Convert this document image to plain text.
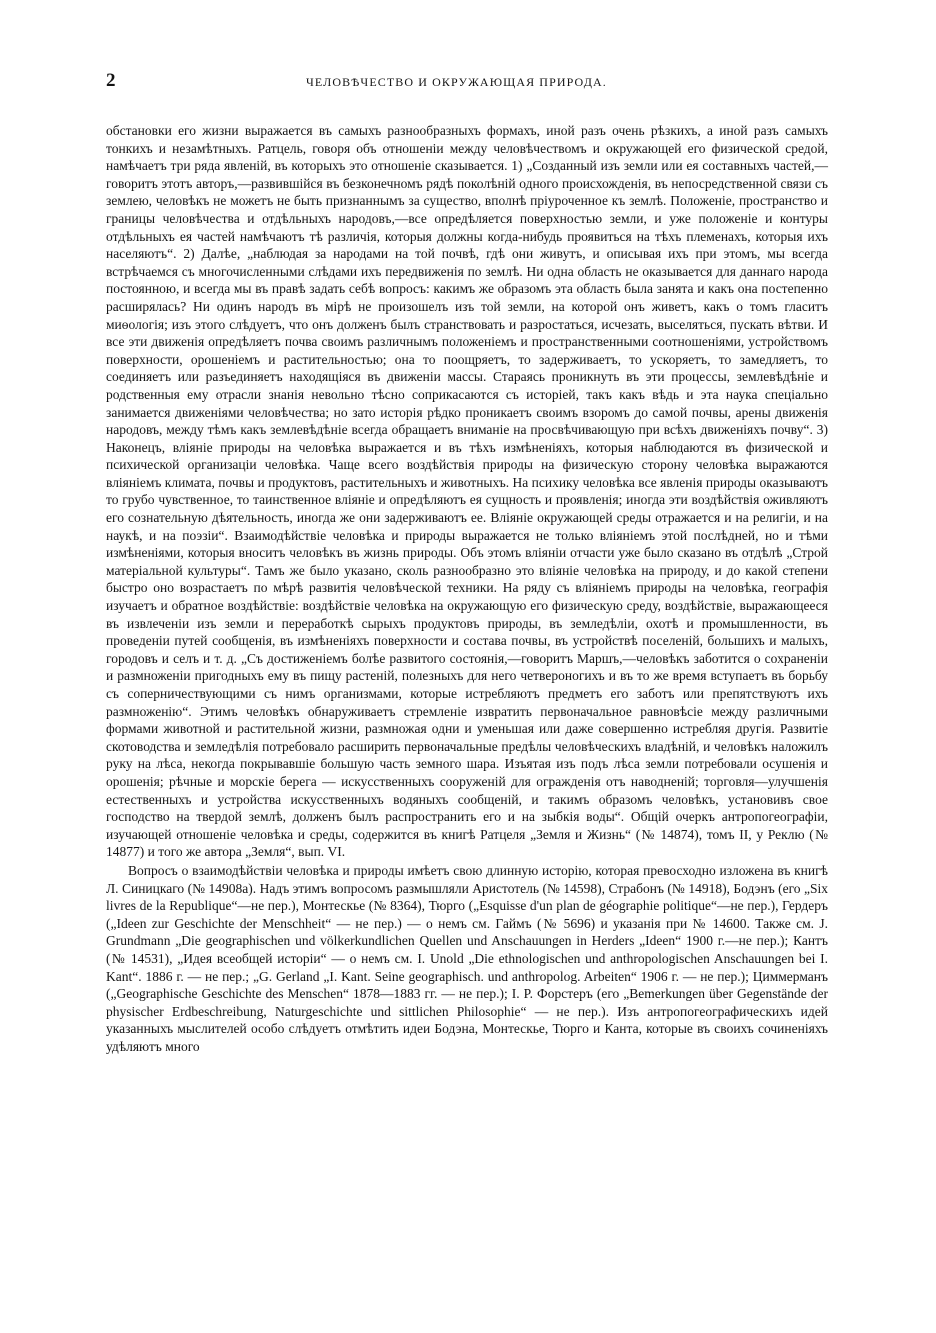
2	ЧЕЛОВѢЧЕСТВО И ОКРУЖАЮЩАЯ ПРИРОДА.

обстановки его жизни выражается въ самыхъ разнообразныхъ формахъ, иной разъ очень рѣзкихъ, а иной разъ самыхъ тонкихъ и незамѣтныхъ. Ратцель, говоря объ отношеніи между человѣчествомъ и окружающей его физической средой, намѣчаетъ три ряда явленій, въ которыхъ это отношеніе сказывается. 1) „Созданный изъ земли или ея составныхъ частей,—говоритъ этотъ авторъ,—развившійся въ безконечномъ рядѣ поколѣній одного происхожденія, въ непосредственной связи съ землею, человѣкъ не можетъ не быть признаннымъ за существо, вполнѣ пріуроченное къ землѣ. Положеніе, пространство и границы человѣчества и отдѣльныхъ народовъ,—все опредѣляется поверхностью земли, и уже положеніе и контуры отдѣльныхъ ея частей намѣчаютъ тѣ различія, которыя должны когда-нибудь проявиться на тѣхъ племенахъ, которыя ихъ населяютъ“. 2) Далѣе, „наблюдая за народами на той почвѣ, гдѣ они живутъ, и описывая ихъ при этомъ, мы всегда встрѣчаемся съ многочисленными слѣдами ихъ передвиженія по землѣ. Ни одна область не оказывается для даннаго народа постоянною, и всегда мы въ правѣ задать себѣ вопросъ: какимъ же образомъ эта область была занята и какъ она постепенно расширялась? Ни одинъ народъ въ мірѣ не произошелъ изъ той земли, на которой онъ живетъ, какъ о томъ гласитъ миѳологія; изъ этого слѣдуетъ, что онъ долженъ былъ странствовать и разростаться, исчезать, выселяться, пускать вѣтви. И все эти движенія опредѣляетъ почва своимъ различнымъ положеніемъ и пространственными соотношеніями, устройствомъ поверхности, орошеніемъ и растительностью; она то поощряетъ, то задерживаетъ, то ускоряетъ, то замедляетъ, то соединяетъ или разъединяетъ находящіяся въ движеніи массы. Стараясь проникнуть въ эти процессы, землевѣдѣніе и родственныя ему отрасли знанія невольно тѣсно соприкасаются съ исторіей, такъ какъ вѣдь и эта наука спеціально занимается движеніями человѣчества; но зато исторія рѣдко проникаетъ своимъ взоромъ до самой почвы, арены движенія народовъ, между тѣмъ какъ землевѣдѣніе всегда обращаетъ вниманіе на просвѣчивающую при всѣхъ движеніяхъ почву“. 3) Наконецъ, вліяніе природы на человѣка выражается и въ тѣхъ измѣненіяхъ, которыя наблюдаются въ физической и психической организаціи человѣка. Чаще всего воздѣйствія природы на физическую сторону человѣка выражаются вліяніемъ климата, почвы и продуктовъ, растительныхъ и животныхъ. На психику человѣка все явленія природы оказываютъ то грубо чувственное, то таинственное вліяніе и опредѣляютъ ея сущность и проявленія; иногда эти воздѣйствія оживляютъ его сознательную дѣятельность, иногда же они задерживаютъ ее. Вліяніе окружающей среды отражается и на религіи, и на наукѣ, и на поэзіи“. Взаимодѣйствіе человѣка и природы выражается не только вліяніемъ этой послѣдней, но и тѣми измѣненіями, которыя вноситъ человѣкъ въ жизнь природы. Объ этомъ вліяніи отчасти уже было сказано въ отдѣлѣ „Строй матеріальной культуры“. Тамъ же было указано, сколь разнообразно это вліяніе человѣка на природу, и до какой степени быстро оно возрастаетъ по мѣрѣ развитія человѣческой техники. На ряду съ вліяніемъ природы на человѣка, географія изучаетъ и обратное воздѣйствіе: воздѣйствіе человѣка на окружающую его физическую среду, воздѣйствіе, выражающееся въ извлеченіи изъ земли и переработкѣ сырыхъ продуктовъ природы, въ земледѣліи, охотѣ и промышленности, въ проведеніи путей сообщенія, въ измѣненіяхъ поверхности и состава почвы, въ устройствѣ поселеній, большихъ и малыхъ, городовъ и селъ и т. д. „Съ достиженіемъ болѣе развитого состоянія,—говоритъ Маршъ,—человѣкъ заботится о сохраненіи и размноженіи пригодныхъ ему въ пищу растеній, полезныхъ для него четвероногихъ и въ то же время вступаетъ въ борьбу съ соперничествующими съ нимъ организмами, которые истребляютъ предметъ его заботъ или препятствуютъ ихъ размноженію“. Этимъ человѣкъ обнаруживаетъ стремленіе извратить первоначальное равновѣсіе между различными формами животной и растительной жизни, размножая одни и уменьшая или даже совершенно истребляя другія. Развитіе скотоводства и земледѣлія потребовало расширить первоначальные предѣлы человѣческихъ владѣній, и человѣкъ наложилъ руку на лѣса, некогда покрывавшіе большую часть земного шара. Изъятая изъ подъ лѣса земли потребовали осушенія и орошенія; рѣчные и морскіе берега — искусственныхъ сооруженій для огражденія отъ наводненій; торговля—улучшенія естественныхъ и устройства искусственныхъ водяныхъ сообщеній, и такимъ образомъ человѣкъ, установивъ свое господство на твердой землѣ, долженъ былъ распространить его и на зыбкія воды“. Общій очеркъ антропогеографіи, изучающей отношеніе человѣка и среды, содержится въ книгѣ Ратцеля „Земля и Жизнь“ (№ 14874), томъ II, у Реклю (№ 14877) и того же автора „Земля“, вып. VI.

Вопросъ о взаимодѣйствіи человѣка и природы имѣетъ свою длинную исторію, которая превосходно изложена въ книгѣ Л. Синицкаго (№ 14908а). Надъ этимъ вопросомъ размышляли Аристотель (№ 14598), Страбонъ (№ 14918), Бодэнъ (его „Six livres de la Republique“—не пер.), Монтескье (№ 8364), Тюрго („Esquisse d'un plan de géographie politique“—не пер.), Гердеръ („Ideen zur Geschichte der Menschheit“ — не пер.) — о немъ см. Гаймъ (№ 5696) и указанія при № 14600. Также см. J. Grundmann „Die geographischen und völkerkundlichen Quellen und Anschauungen in Herders „Ideen“ 1900 г.—не пер.); Кантъ (№ 14531), „Идея всеобщей исторіи“ — о немъ см. I. Unold „Die ethnologischen und anthropologischen Anschauungen bei I. Kant“. 1886 г. — не пер.; „G. Gerland „I. Kant. Seine geographisch. und anthropolog. Arbeiten“ 1906 г. — не пер.); Циммерманъ („Geographische Geschichte des Menschen“ 1878—1883 гг. — не пер.); I. P. Форстеръ (его „Bemerkungen über Gegenstände der physischer Erdbeschreibung, Naturgeschichte und sittlichen Philosophie“ — не пер.). Изъ антропогеографическихъ идей указанныхъ мыслителей особо слѣдуетъ отмѣтить идеи Бодэна, Монтескье, Тюрго и Канта, которые въ своихъ сочиненіяхъ удѣляютъ много
